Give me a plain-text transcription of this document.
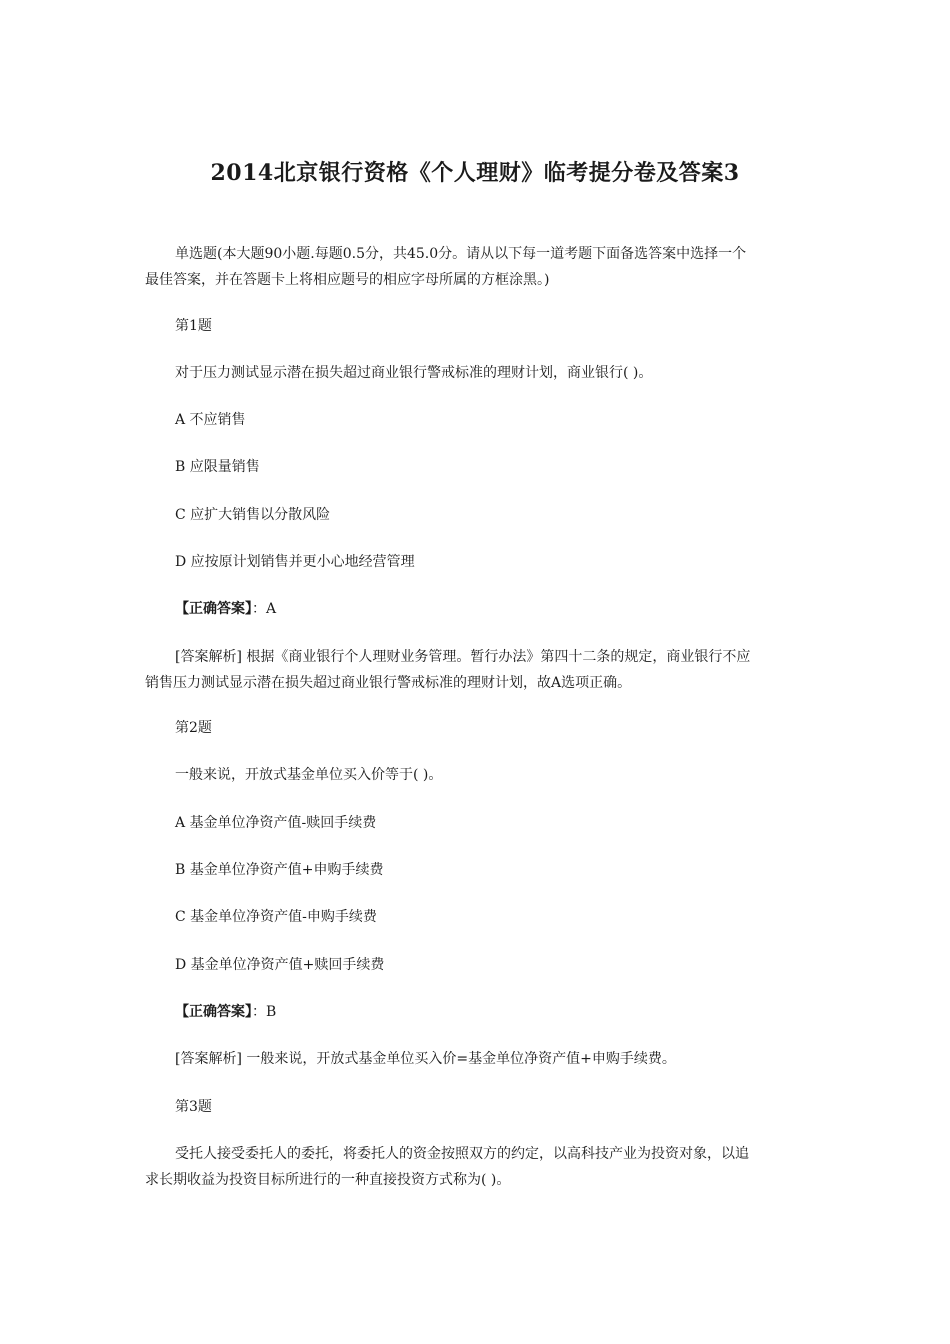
2014北京银行资格《个人理财》临考提分卷及答案3

单选题(本大题90小题.每题0.5分，共45.0分。请从以下每一道考题下面备选答案中选择一个

最佳答案，并在答题卡上将相应题号的相应字母所属的方框涂黑。)

第1题

对于压力测试显示潜在损失超过商业银行警戒标准的理财计划，商业银行( )。

A 不应销售

B 应限量销售

C 应扩大销售以分散风险

D 应按原计划销售并更小心地经营管理

【正确答案】：A

[答案解析] 根据《商业银行个人理财业务管理。暂行办法》第四十二条的规定，商业银行不应

销售压力测试显示潜在损失超过商业银行警戒标准的理财计划，故A选项正确。

第2题

一般来说，开放式基金单位买入价等于( )。

A 基金单位净资产值-赎回手续费

B 基金单位净资产值+申购手续费

C 基金单位净资产值-申购手续费

D 基金单位净资产值+赎回手续费

【正确答案】：B

[答案解析] 一般来说，开放式基金单位买入价=基金单位净资产值+申购手续费。

第3题

受托人接受委托人的委托，将委托人的资金按照双方的约定，以高科技产业为投资对象，以追

求长期收益为投资目标所进行的一种直接投资方式称为( )。
